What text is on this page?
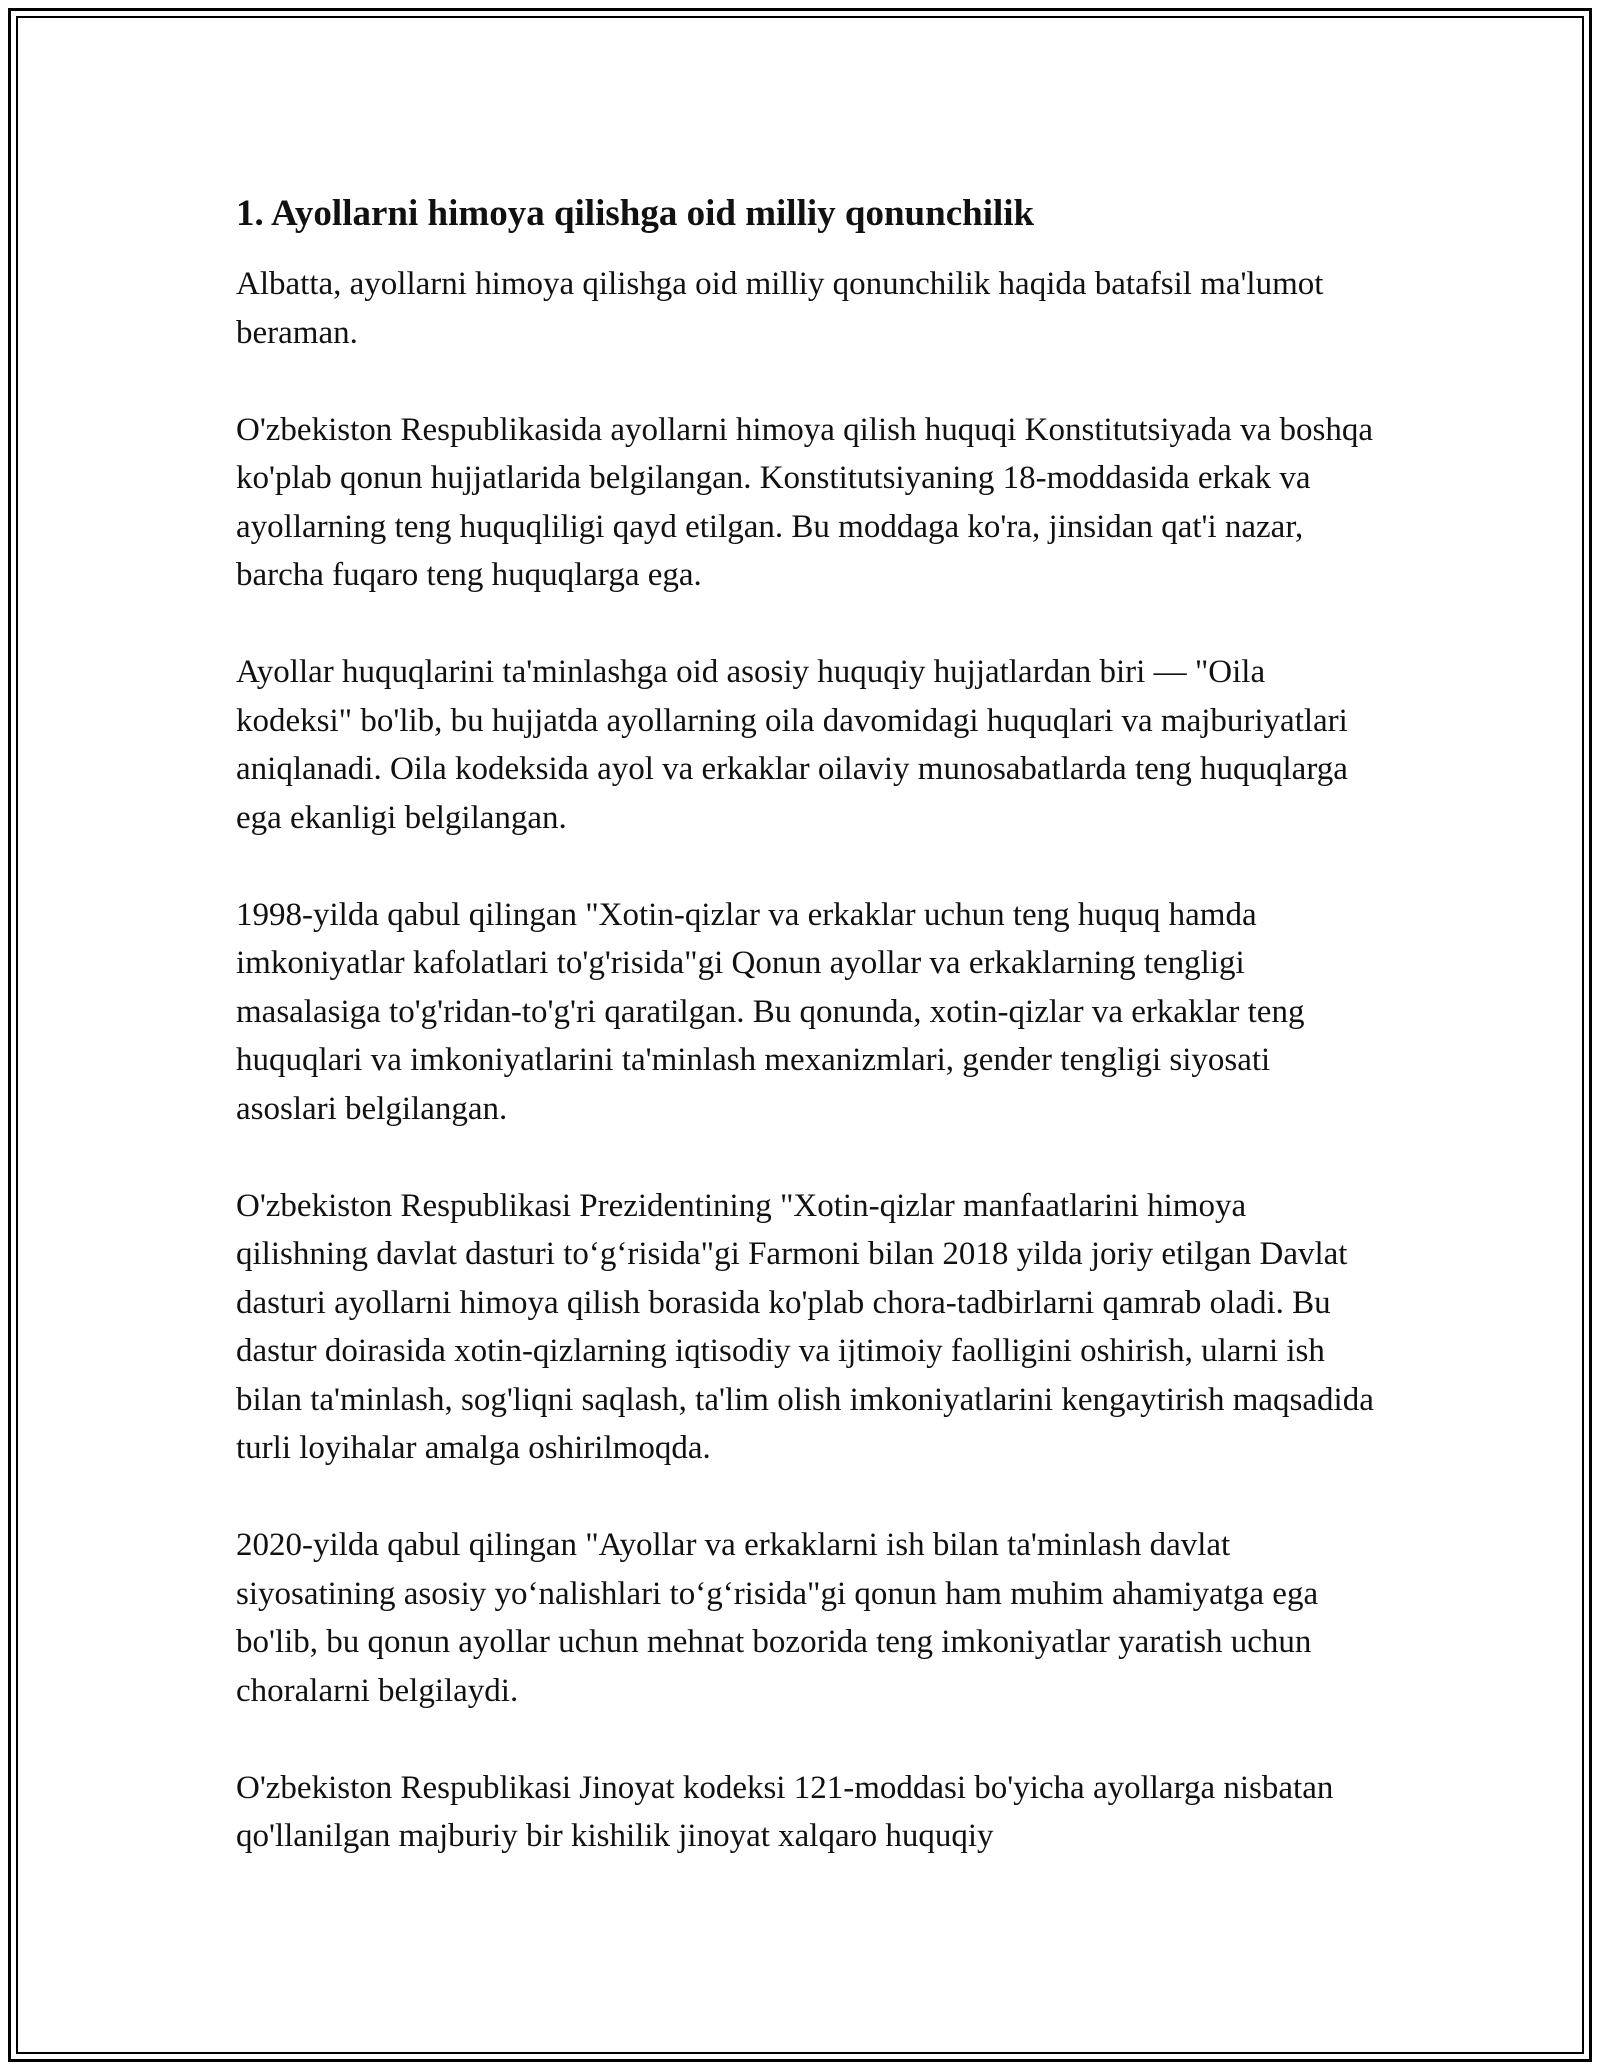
1. Ayollarni himoya qilishga oid milliy qonunchilik

Albatta, ayollarni himoya qilishga oid milliy qonunchilik haqida batafsil ma'lumot beraman.

O'zbekiston Respublikasida ayollarni himoya qilish huquqi Konstitutsiyada va boshqa ko'plab qonun hujjatlarida belgilangan. Konstitutsiyaning 18-moddasida erkak va ayollarning teng huquqliligi qayd etilgan. Bu moddaga ko'ra, jinsidan qat'i nazar, barcha fuqaro teng huquqlarga ega.

Ayollar huquqlarini ta'minlashga oid asosiy huquqiy hujjatlardan biri — "Oila kodeksi" bo'lib, bu hujjatda ayollarning oila davomidagi huquqlari va majburiyatlari aniqlanadi. Oila kodeksida ayol va erkaklar oilaviy munosabatlarda teng huquqlarga ega ekanligi belgilangan.

1998-yilda qabul qilingan "Xotin-qizlar va erkaklar uchun teng huquq hamda imkoniyatlar kafolatlari to'g'risida"gi Qonun ayollar va erkaklarning tengligi masalasiga to'g'ridan-to'g'ri qaratilgan. Bu qonunda, xotin-qizlar va erkaklar teng huquqlari va imkoniyatlarini ta'minlash mexanizmlari, gender tengligi siyosati asoslari belgilangan.

O'zbekiston Respublikasi Prezidentining "Xotin-qizlar manfaatlarini himoya qilishning davlat dasturi to‘g‘risida"gi Farmoni bilan 2018 yilda joriy etilgan Davlat dasturi ayollarni himoya qilish borasida ko'plab chora-tadbirlarni qamrab oladi. Bu dastur doirasida xotin-qizlarning iqtisodiy va ijtimoiy faolligini oshirish, ularni ish bilan ta'minlash, sog'liqni saqlash, ta'lim olish imkoniyatlarini kengaytirish maqsadida turli loyihalar amalga oshirilmoqda.

2020-yilda qabul qilingan "Ayollar va erkaklarni ish bilan ta'minlash davlat siyosatining asosiy yo‘nalishlari to‘g‘risida"gi qonun ham muhim ahamiyatga ega bo'lib, bu qonun ayollar uchun mehnat bozorida teng imkoniyatlar yaratish uchun choralarni belgilaydi.

O'zbekiston Respublikasi Jinoyat kodeksi 121-moddasi bo'yicha ayollarga nisbatan qo'llanilgan majburiy bir kishilik jinoyat xalqaro huquqiy
